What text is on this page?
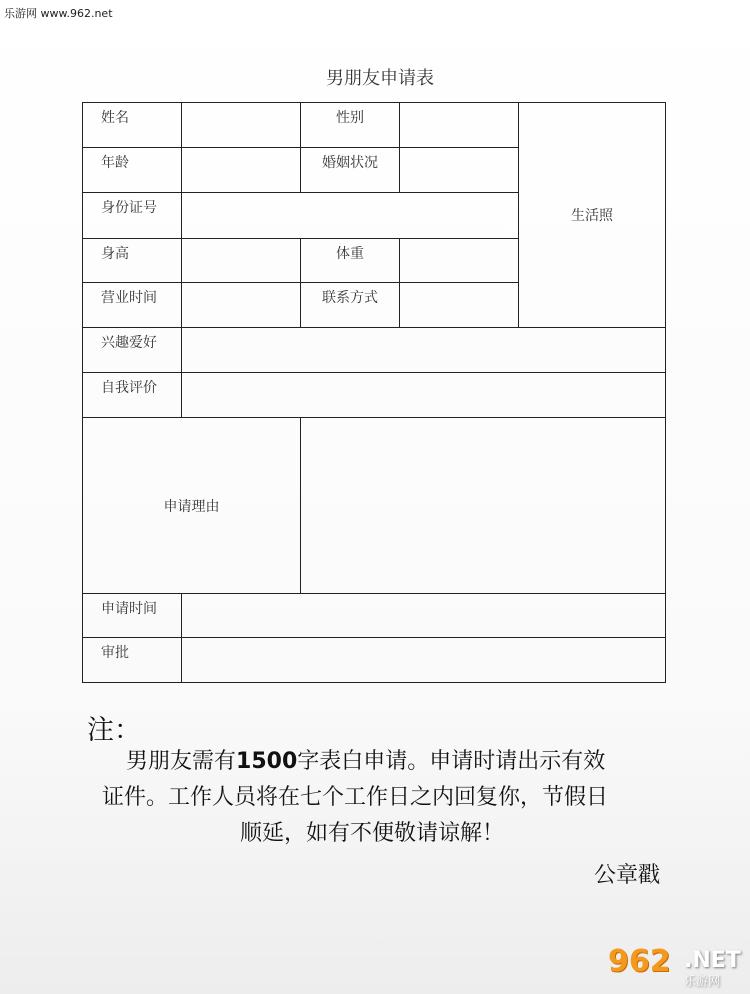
乐游网 www.962.net
男朋友申请表
姓名	性别
生活照
年龄	婚姻状况
身份证号
身高	体重
营业时间	联系方式
兴趣爱好
自我评价
申请理由
申请时间
审批
注：
男朋友需有1500字表白申请。申请时请出示有效
证件。工作人员将在七个工作日之内回复你，节假日
顺延，如有不便敬请谅解！
公章戳
962 .NET
乐游网
